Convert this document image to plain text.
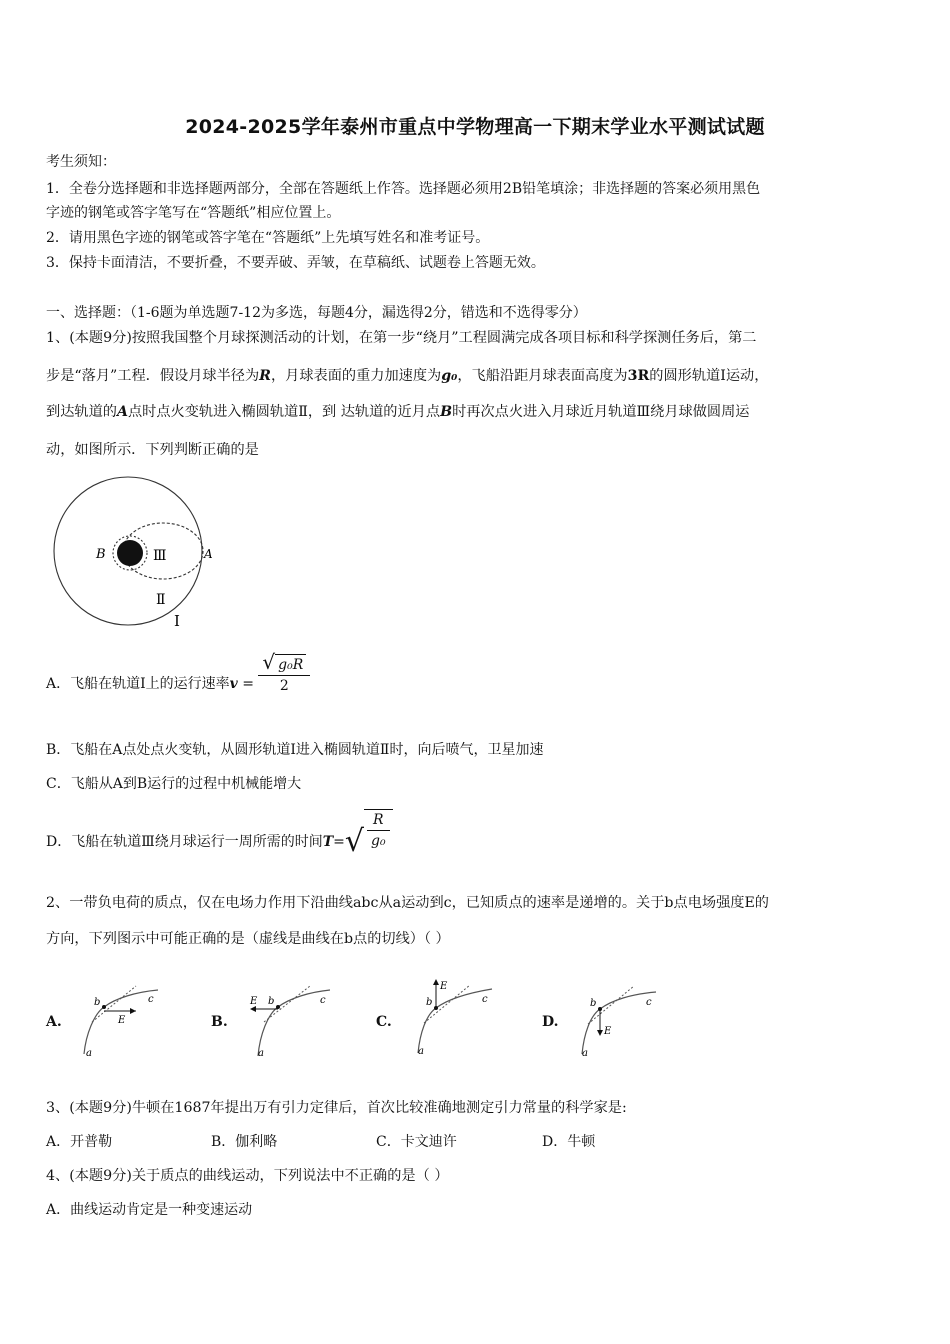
2024-2025学年泰州市重点中学物理高一下期末学业水平测试试题
考生须知：
1．全卷分选择题和非选择题两部分，全部在答题纸上作答。选择题必须用2B铅笔填涂；非选择题的答案必须用黑色
字迹的钢笔或答字笔写在“答题纸”相应位置上。
2．请用黑色字迹的钢笔或答字笔在“答题纸”上先填写姓名和准考证号。
3．保持卡面清洁，不要折叠，不要弄破、弄皱，在草稿纸、试题卷上答题无效。
一、选择题：（1-6题为单选题7-12为多选，每题4分，漏选得2分，错选和不选得零分）
1、(本题9分)按照我国整个月球探测活动的计划，在第一步“绕月”工程圆满完成各项目标和科学探测任务后，第二
步是“落月”工程．假设月球半径为R，月球表面的重力加速度为g₀，飞船沿距月球表面高度为3R的圆形轨道Ⅰ运动，
到达轨道的A点时点火变轨进入椭圆轨道Ⅱ，到 达轨道的近月点B时再次点火进入月球近月轨道Ⅲ绕月球做圆周运
动，如图所示．下列判断正确的是
B	A
Ⅲ
Ⅱ
Ⅰ
A．飞船在轨道Ⅰ上的运行速率$v = \frac{\text{√ g₀R}}{2}$
B．飞船在A点处点火变轨，从圆形轨道Ⅰ进入椭圆轨道Ⅱ时，向后喷气，卫星加速
C．飞船从A到B运行的过程中机械能增大
D．飞船在轨道Ⅲ绕月球运行一周所需的时间$T=√ \frac{R}{\text{g₀}}$
2、一带负电荷的质点，仅在电场力作用下沿曲线abc从a运动到c，已知质点的速率是递增的。关于b点电场强度E的
方向，下列图示中可能正确的是（虚线是曲线在b点的切线）（ ）
A.
b	c
a
E	B.
b	c
a
E
C.
b	c
a
E
D.
b	c
a
E
3、(本题9分)牛顿在1687年提出万有引力定律后，首次比较准确地测定引力常量的科学家是:
A．开普勒	B．伽利略	C．卡文迪许	D．牛顿
4、(本题9分)关于质点的曲线运动，下列说法中不正确的是（ ）
A．曲线运动肯定是一种变速运动
